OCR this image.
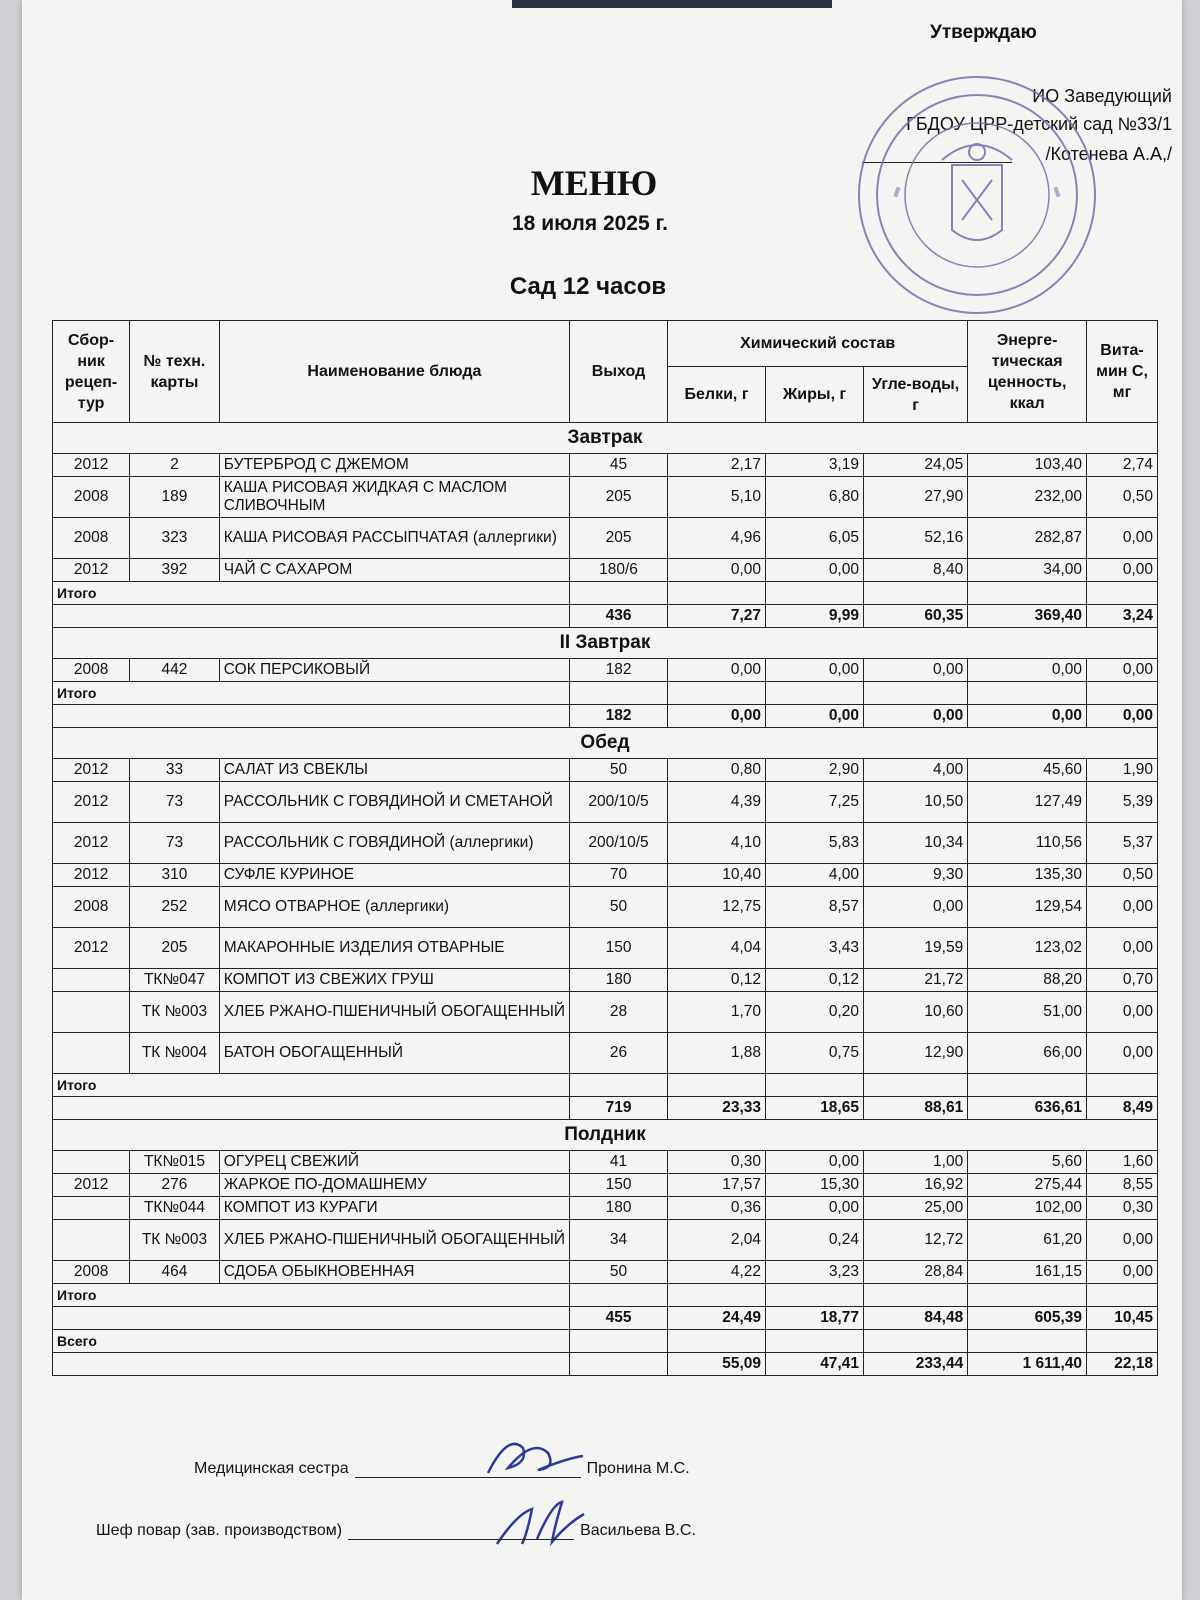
Утверждаю
ИО Заведующий
ГБДОУ ЦРР-детский сад №33/1
/Котенева А.А,/
МЕНЮ
18 июля 2025 г.
Сад 12 часов
Сбор-ник рецеп-тур	№ техн. карты	Наименование блюда	Выход	Химический состав			Энерге-тическая ценность, ккал	Вита-мин С, мг
				Белки, г	Жиры, г	Угле-воды, г		
Завтрак								
2012	2	БУТЕРБРОД С ДЖЕМОМ	45	2,17	3,19	24,05	103,40	2,74
2008	189	КАША РИСОВАЯ ЖИДКАЯ С МАСЛОМ СЛИВОЧНЫМ	205	5,10	6,80	27,90	232,00	0,50
2008	323	КАША РИСОВАЯ РАССЫПЧАТАЯ (аллергики)	205	4,96	6,05	52,16	282,87	0,00
2012	392	ЧАЙ С САХАРОМ	180/6	0,00	0,00	8,40	34,00	0,00
Итого								
			436	7,27	9,99	60,35	369,40	3,24
II Завтрак								
2008	442	СОК ПЕРСИКОВЫЙ	182	0,00	0,00	0,00	0,00	0,00
Итого								
			182	0,00	0,00	0,00	0,00	0,00
Обед								
2012	33	САЛАТ ИЗ СВЕКЛЫ	50	0,80	2,90	4,00	45,60	1,90
2012	73	РАССОЛЬНИК С ГОВЯДИНОЙ И СМЕТАНОЙ	200/10/5	4,39	7,25	10,50	127,49	5,39
2012	73	РАССОЛЬНИК С ГОВЯДИНОЙ (аллергики)	200/10/5	4,10	5,83	10,34	110,56	5,37
2012	310	СУФЛЕ КУРИНОЕ	70	10,40	4,00	9,30	135,30	0,50
2008	252	МЯСО ОТВАРНОЕ (аллергики)	50	12,75	8,57	0,00	129,54	0,00
2012	205	МАКАРОННЫЕ ИЗДЕЛИЯ ОТВАРНЫЕ	150	4,04	3,43	19,59	123,02	0,00
	ТК№047	КОМПОТ ИЗ СВЕЖИХ ГРУШ	180	0,12	0,12	21,72	88,20	0,70
	ТК №003	ХЛЕБ РЖАНО-ПШЕНИЧНЫЙ ОБОГАЩЕННЫЙ	28	1,70	0,20	10,60	51,00	0,00
	ТК №004	БАТОН ОБОГАЩЕННЫЙ	26	1,88	0,75	12,90	66,00	0,00
Итого								
			719	23,33	18,65	88,61	636,61	8,49
Полдник								
	ТК№015	ОГУРЕЦ СВЕЖИЙ	41	0,30	0,00	1,00	5,60	1,60
2012	276	ЖАРКОЕ ПО-ДОМАШНЕМУ	150	17,57	15,30	16,92	275,44	8,55
	ТК№044	КОМПОТ ИЗ КУРАГИ	180	0,36	0,00	25,00	102,00	0,30
	ТК №003	ХЛЕБ РЖАНО-ПШЕНИЧНЫЙ ОБОГАЩЕННЫЙ	34	2,04	0,24	12,72	61,20	0,00
2008	464	СДОБА ОБЫКНОВЕННАЯ	50	4,22	3,23	28,84	161,15	0,00
Итого								
			455	24,49	18,77	84,48	605,39	10,45
Всего								
				55,09	47,41	233,44	1 611,40	22,18
Медицинская сестра	Пронина М.С.
Шеф повар (зав. производством)	Васильева В.С.
